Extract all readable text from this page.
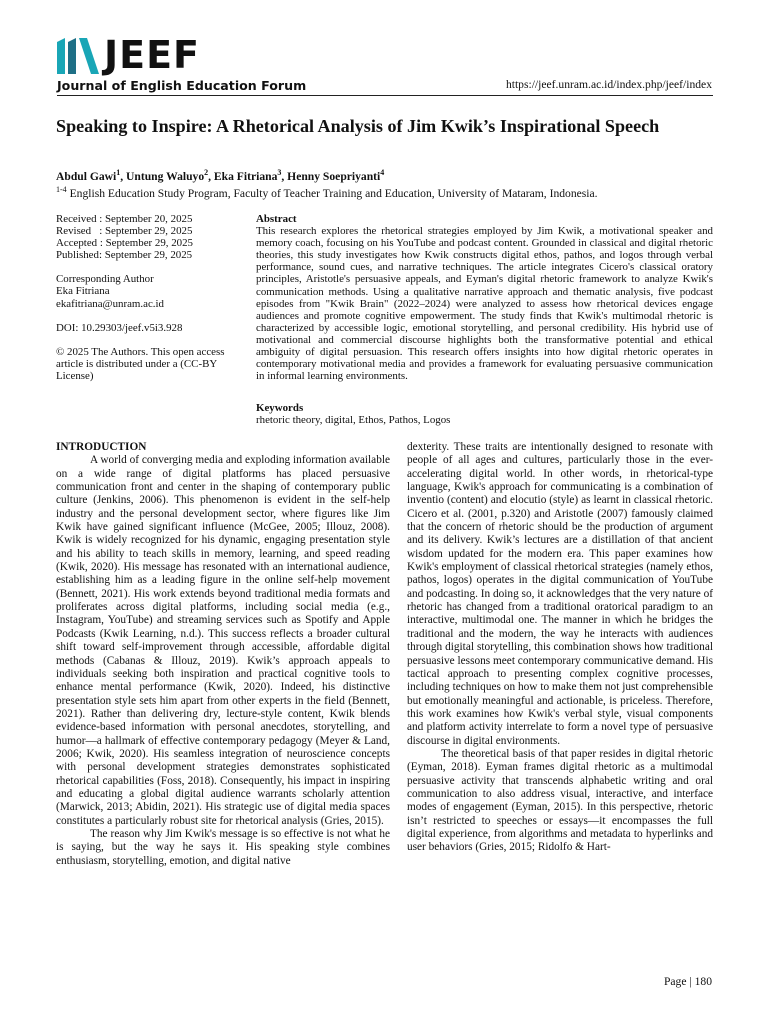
JEEF
Journal of English Education Forum	https://jeef.unram.ac.id/index.php/jeef/index
Speaking to Inspire: A Rhetorical Analysis of Jim Kwik’s Inspirational Speech
Abdul Gawi$^1$, Untung Waluyo$^2$, Eka Fitriana$^3$, Henny Soepriyanti$^4$
$^{1-4}$ English Education Study Program, Faculty of Teacher Training and Education, University of Mataram, Indonesia.
Received : September 20, 2025
Revised   : September 29, 2025
Accepted : September 29, 2025
Published: September 29, 2025
Corresponding Author
Eka Fitriana
ekafitriana@unram.ac.id
DOI: 10.29303/jeef.v5i3.928
© 2025 The Authors. This open access article is distributed under a (CC-BY License)
Abstract
This research explores the rhetorical strategies employed by Jim Kwik, a motivational speaker and memory coach, focusing on his YouTube and podcast content. Grounded in classical and digital rhetoric theories, this study investigates how Kwik constructs digital ethos, pathos, and logos through verbal performance, sound cues, and narrative techniques. The article integrates Cicero's classical oratory principles, Aristotle's persuasive appeals, and Eyman's digital rhetoric framework to analyze Kwik's communication methods. Using a qualitative narrative approach and thematic analysis, five podcast episodes from "Kwik Brain" (2022–2024) were analyzed to assess how rhetorical devices engage audiences and promote cognitive empowerment. The study finds that Kwik's multimodal rhetoric is characterized by accessible logic, emotional storytelling, and personal credibility. His hybrid use of motivational and commercial discourse highlights both the transformative potential and ethical ambiguity of digital persuasion. This research offers insights into how digital rhetoric operates in contemporary motivational media and provides a framework for evaluating persuasive communication in informal learning environments.
Keywords
rhetoric theory, digital, Ethos, Pathos, Logos

INTRODUCTION

A world of converging media and exploding information available on a wide range of digital platforms has placed persuasive communication front and center in the shaping of contemporary public culture (Jenkins, 2006). This phenomenon is evident in the self-help industry and the personal development sector, where figures like Jim Kwik have gained significant influence (McGee, 2005; Illouz, 2008). Kwik is widely recognized for his dynamic, engaging presentation style and his ability to teach skills in memory, learning, and speed reading (Kwik, 2020). His message has resonated with an international audience, establishing him as a leading figure in the online self-help movement (Bennett, 2021). His work extends beyond traditional media formats and proliferates across digital platforms, including social media (e.g., Instagram, YouTube) and streaming services such as Spotify and Apple Podcasts (Kwik Learning, n.d.). This success reflects a broader cultural shift toward self-improvement through accessible, affordable digital methods (Cabanas & Illouz, 2019). Kwik’s approach appeals to individuals seeking both inspiration and practical cognitive tools to enhance mental performance (Kwik, 2020). Indeed, his distinctive presentation style sets him apart from other experts in the field (Bennett, 2021). Rather than delivering dry, lecture-style content, Kwik blends evidence-based information with personal anecdotes, storytelling, and humor—a hallmark of effective contemporary pedagogy (Meyer & Land, 2006; Kwik, 2020). His seamless integration of neuroscience concepts with personal development strategies demonstrates sophisticated rhetorical capabilities (Foss, 2018). Consequently, his impact in inspiring and educating a global digital audience warrants scholarly attention (Marwick, 2013; Abidin, 2021). His strategic use of digital media spaces constitutes a particularly robust site for rhetorical analysis (Gries, 2015).

The reason why Jim Kwik's message is so effective is not what he is saying, but the way he says it. His speaking style combines enthusiasm, storytelling, emotion, and digital native

dexterity. These traits are intentionally designed to resonate with people of all ages and cultures, particularly those in the ever-accelerating digital world. In other words, in rhetorical-type language, Kwik's approach for communicating is a combination of inventio (content) and elocutio (style) as learnt in classical rhetoric. Cicero et al. (2001, p.320) and Aristotle (2007) famously claimed that the concern of rhetoric should be the production of argument and its delivery. Kwik’s lectures are a distillation of that ancient wisdom updated for the modern era. This paper examines how Kwik's employment of classical rhetorical strategies (namely ethos, pathos, logos) operates in the digital communication of YouTube and podcasting. In doing so, it acknowledges that the very nature of rhetoric has changed from a traditional oratorical paradigm to an interactive, multimodal one. The manner in which he bridges the traditional and the modern, the way he interacts with audiences through digital storytelling, this combination shows how traditional persuasive lessons meet contemporary communicative demand. His tactical approach to presenting complex cognitive processes, including techniques on how to make them not just comprehensible but emotionally meaningful and actionable, is priceless. Therefore, this work examines how Kwik's verbal style, visual components and platform activity interrelate to form a novel type of persuasive discourse in digital environments.

The theoretical basis of that paper resides in digital rhetoric (Eyman, 2018). Eyman frames digital rhetoric as a multimodal persuasive activity that transcends alphabetic writing and oral communication to also address visual, interactive, and interface modes of engagement (Eyman, 2015). In this perspective, rhetoric isn’t restricted to speeches or essays—it encompasses the full digital experience, from algorithms and metadata to hyperlinks and user behaviors (Gries, 2015; Ridolfo & Hart-

Page | 180
